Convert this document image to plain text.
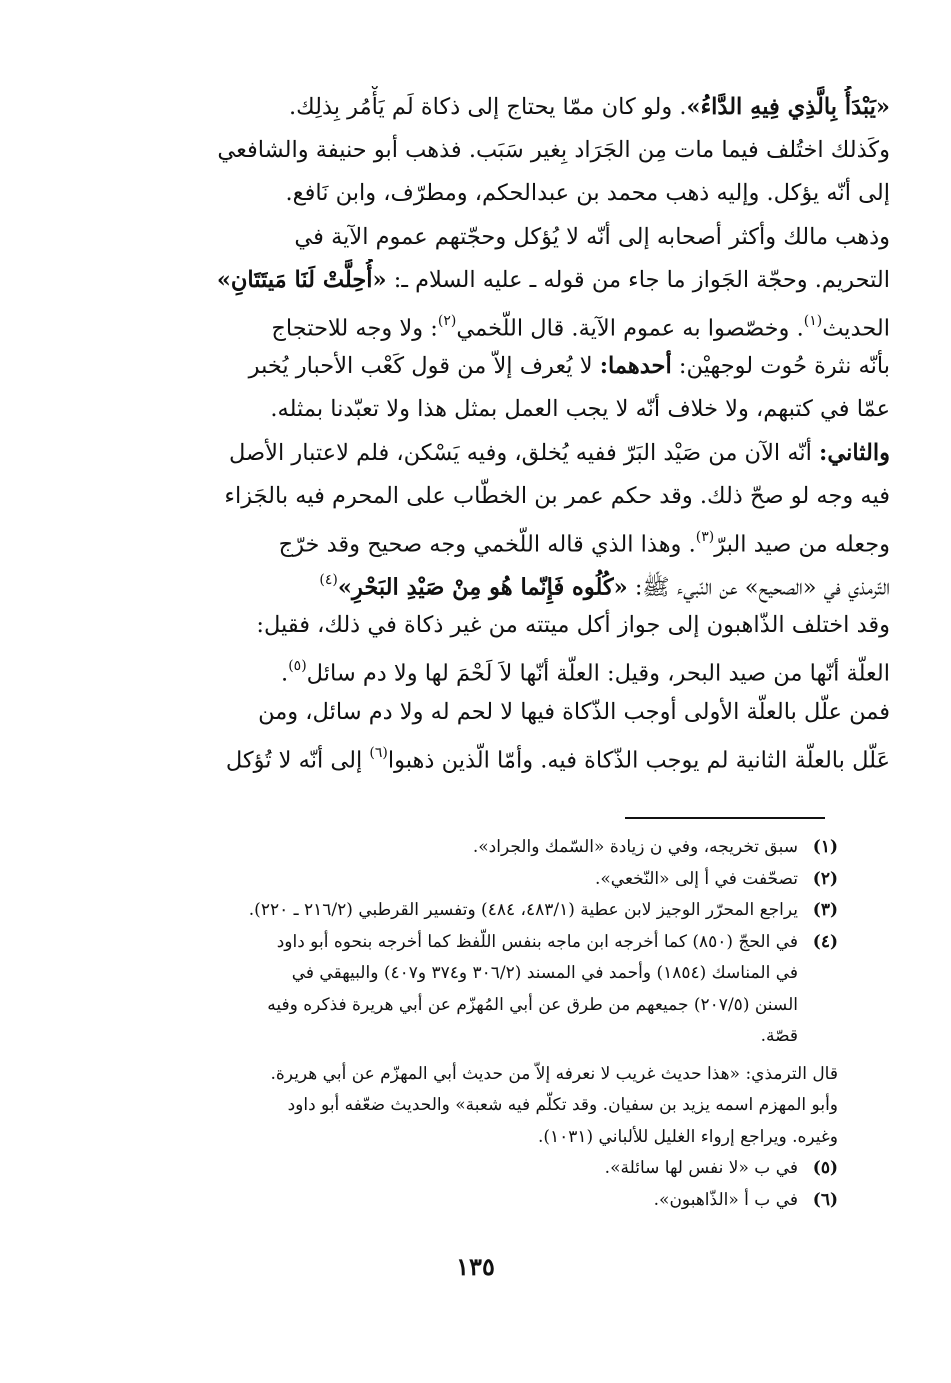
«يَبْدَأُ بِالَّذِي فِيهِ الدَّاءُ». ولو كان ممّا يحتاج إلى ذكاة لَم يَأْمُر بِذلِك.
وكَذلك اختُلف فيما مات مِن الجَرَاد بِغير سَبَب. فذهب أبو حنيفة والشافعي
إلى أنّه يؤكل. وإليه ذهب محمد بن عبدالحكم، ومطرّف، وابن نَافع.
وذهب مالك وأكثر أصحابه إلى أنّه لا يُؤكل وحجّتهم عموم الآية في
التحريم. وحجّة الجَواز ما جاء من قوله ـ عليه السلام ـ: «أُحِلَّتْ لَنَا مَيتَتَانِ»
الحديث$^{(١)}$. وخصّصوا به عموم الآية. قال اللّخمي$^{(٢)}$: ولا وجه للاحتجاج
بأنّه نثرة حُوت لوجهيْن: أحدهما: لا يُعرف إلاّ من قول كَعْب الأحبار يُخبر
عمّا في كتبهم، ولا خلاف أنّه لا يجب العمل بمثل هذا ولا تعبّدنا بمثله.
والثاني: أنّه الآن من صَيْد البَرّ ففيه يُخلق، وفيه يَسْكن، فلم لاعتبار الأصل
فيه وجه لو صحّ ذلك. وقد حكم عمر بن الخطّاب على المحرم فيه بالجَزاء
وجعله من صيد البرّ$^{(٣)}$. وهذا الذي قاله اللّخمي وجه صحيح وقد خرّج
التّرمذي في «الصحيح» عن النّبيء ﷺ: «كُلُوه فَإِنّما هُو مِنْ صَيْدِ البَحْرِ»$^{(٤)}$
وقد اختلف الذّاهبون إلى جواز أكل ميتته من غير ذكاة في ذلك، فقيل:
العلّة أنّها من صيد البحر، وقيل: العلّة أنّها لاَ لَحْمَ لها ولا دم سائل$^{(٥)}$.
فمن علّل بالعلّة الأولى أوجب الذّكاة فيها لا لحم له ولا دم سائل، ومن
عَلّل بالعلّة الثانية لم يوجب الذّكاة فيه. وأمّا الّذين ذهبوا$^{(٦)}$ إلى أنّه لا تُؤكل
(١)
سبق تخريجه، وفي ن زيادة «السّمك والجراد».
(٢)
تصحّفت في أ إلى «النّخعي».
(٣)
يراجع المحرّر الوجيز لابن عطية (٤٨٣/١، ٤٨٤) وتفسير القرطبي (٢١٦/٢ ـ ٢٢٠).
(٤)
في الحجّ (٨٥٠) كما أخرجه ابن ماجه بنفس اللّفظ كما أخرجه بنحوه أبو داود
في المناسك (١٨٥٤) وأحمد في المسند (٣٠٦/٢ و٣٧٤ و٤٠٧) والبيهقي في
السنن (٢٠٧/٥) جميعهم من طرق عن أبي المُهزّم عن أبي هريرة فذكره وفيه
قصّة.
قال الترمذي: «هذا حديث غريب لا نعرفه إلاّ من حديث أبي المهزّم عن أبي هريرة.
وأبو المهزم اسمه يزيد بن سفيان. وقد تكلّم فيه شعبة» والحديث ضعّفه أبو داود
وغيره. ويراجع إرواء الغليل للألباني (١٠٣١).
(٥)
في ب «لا نفس لها سائلة».
(٦)
في ب أ «الذّاهبون».
١٣٥
